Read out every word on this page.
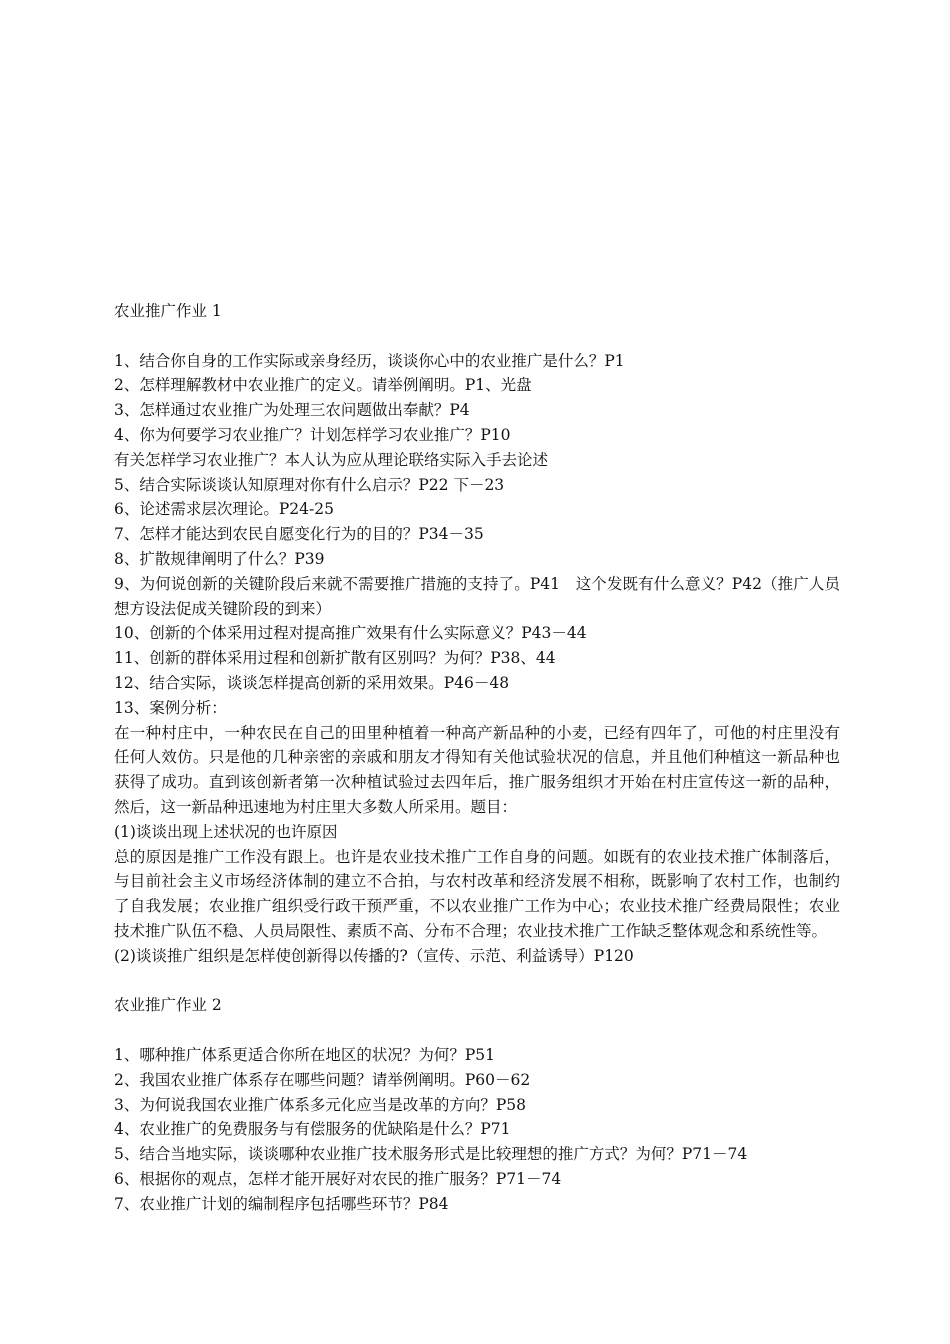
农业推广作业 1
1、结合你自身的工作实际或亲身经历，谈谈你心中的农业推广是什么？P1
2、怎样理解教材中农业推广的定义。请举例阐明。P1、光盘
3、怎样通过农业推广为处理三农问题做出奉献？P4
4、你为何要学习农业推广？计划怎样学习农业推广？P10
有关怎样学习农业推广？本人认为应从理论联络实际入手去论述
5、结合实际谈谈认知原理对你有什么启示？P22 下－23
6、论述需求层次理论。P24-25
7、怎样才能达到农民自愿变化行为的目的？P34－35
8、扩散规律阐明了什么？P39
9、为何说创新的关键阶段后来就不需要推广措施的支持了。P41　这个发既有什么意义？P42（推广人员想方设法促成关键阶段的到来）
10、创新的个体采用过程对提高推广效果有什么实际意义？P43－44
11、创新的群体采用过程和创新扩散有区别吗？为何？P38、44
12、结合实际，谈谈怎样提高创新的采用效果。P46－48
13、案例分析：
在一种村庄中，一种农民在自己的田里种植着一种高产新品种的小麦，已经有四年了，可他的村庄里没有任何人效仿。只是他的几种亲密的亲戚和朋友才得知有关他试验状况的信息，并且他们种植这一新品种也获得了成功。直到该创新者第一次种植试验过去四年后，推广服务组织才开始在村庄宣传这一新的品种，然后，这一新品种迅速地为村庄里大多数人所采用。题目：
(1)谈谈出现上述状况的也许原因
总的原因是推广工作没有跟上。也许是农业技术推广工作自身的问题。如既有的农业技术推广体制落后，与目前社会主义市场经济体制的建立不合拍，与农村改革和经济发展不相称，既影响了农村工作，也制约了自我发展；农业推广组织受行政干预严重，不以农业推广工作为中心；农业技术推广经费局限性；农业技术推广队伍不稳、人员局限性、素质不高、分布不合理；农业技术推广工作缺乏整体观念和系统性等。
(2)谈谈推广组织是怎样使创新得以传播的?（宣传、示范、利益诱导）P120
农业推广作业 2
1、哪种推广体系更适合你所在地区的状况？为何？P51
2、我国农业推广体系存在哪些问题？请举例阐明。P60－62
3、为何说我国农业推广体系多元化应当是改革的方向？P58
4、农业推广的免费服务与有偿服务的优缺陷是什么？P71
5、结合当地实际，谈谈哪种农业推广技术服务形式是比较理想的推广方式？为何？P71－74
6、根据你的观点，怎样才能开展好对农民的推广服务？P71－74
7、农业推广计划的编制程序包括哪些环节？P84
